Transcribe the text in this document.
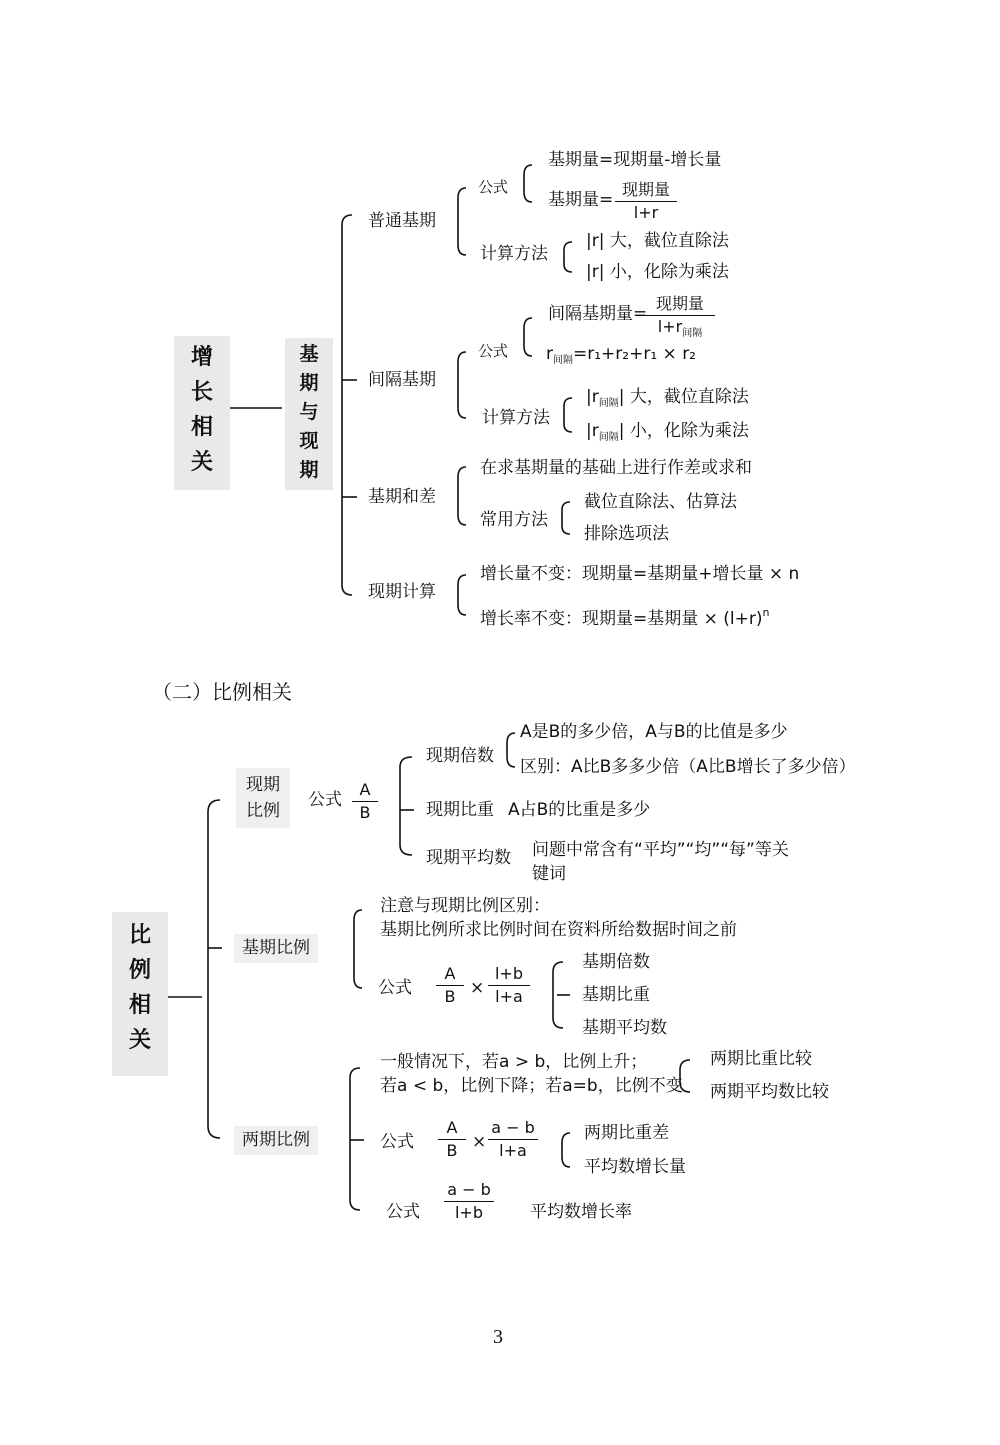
增
长
相
关
基
期
与
现
期
普通基期
公式
基期量=现期量-增长量
基期量=
现期量
l+r
计算方法
|r| 大，截位直除法
|r| 小，化除为乘法
间隔基期
公式
间隔基期量=
现期量
$l+r_{间隔}$
$r_{间隔}=r_1+r_2+r_1 \times r_2$
计算方法
$|r_{间隔}|$ 大，截位直除法
$|r_{间隔}|$ 小，化除为乘法
基期和差
在求基期量的基础上进行作差或求和
常用方法
截位直除法、估算法
排除选项法
现期计算
增长量不变：现期量=基期量+增长量 × n
增长率不变：现期量=基期量 × $(l+r)^n$
（二）比例相关
比
例
相
关
现期
比例
公式 $\frac{A}{B}$
现期倍数
A是B的多少倍，A与B的比值是多少
区别：A比B多多少倍（A比B增长了多少倍）
现期比重 A占B的比重是多少
现期平均数 问题中常含有“平均”“均”“每”等关
键词
基期比例
注意与现期比例区别：
基期比例所求比例时间在资料所给数据时间之前
公式 $\frac{A}{B} \times \frac{l+b}{l+a}$
基期倍数
基期比重
基期平均数
两期比例
一般情况下，若a > b，比例上升；
若a < b，比例下降；若a=b，比例不变
两期比重比较
两期平均数比较
公式 $\frac{A}{B} \times \frac{a - b}{l+a}$	两期比重差
平均数增长量
公式 $\frac{a - b}{l+b}$ 平均数增长率
3
